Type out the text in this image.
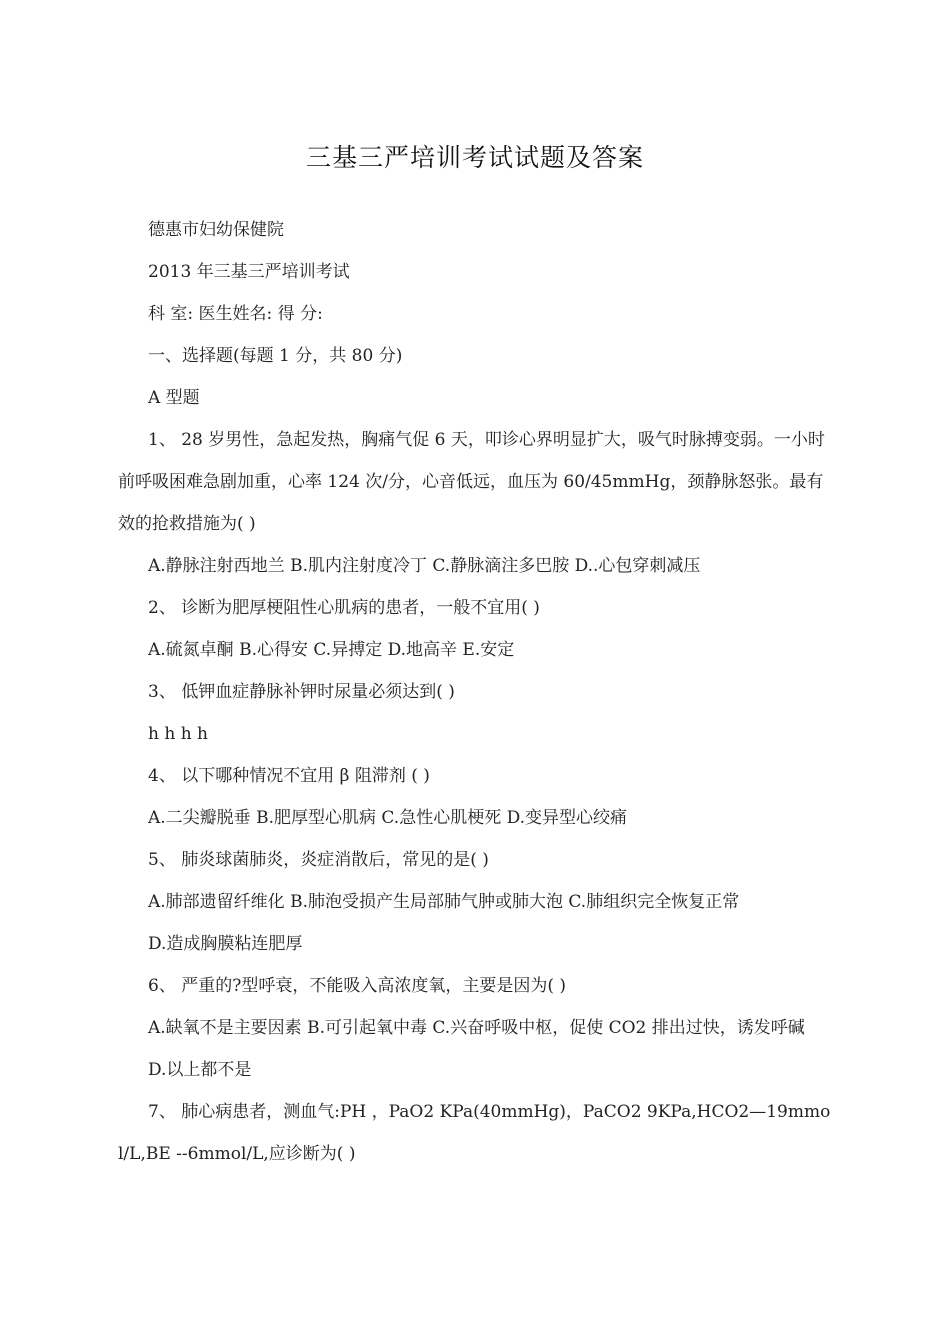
三基三严培训考试试题及答案

德惠市妇幼保健院

2013 年三基三严培训考试

科 室: 医生姓名: 得 分:

一、选择题(每题 1 分，共 80 分)

A 型题

1、 28 岁男性，急起发热，胸痛气促 6 天，叩诊心界明显扩大，吸气时脉搏变弱。一小时前呼吸困难急剧加重，心率 124 次/分，心音低远，血压为 60/45mmHg，颈静脉怒张。最有效的抢救措施为( )

A.静脉注射西地兰 B.肌内注射度冷丁 C.静脉滴注多巴胺 D..心包穿刺减压

2、 诊断为肥厚梗阻性心肌病的患者，一般不宜用( )

A.硫氮卓酮 B.心得安 C.异搏定 D.地高辛 E.安定

3、 低钾血症静脉补钾时尿量必须达到( )

h h h h

4、 以下哪种情况不宜用 β 阻滞剂 ( )

A.二尖瓣脱垂 B.肥厚型心肌病 C.急性心肌梗死 D.变异型心绞痛

5、 肺炎球菌肺炎，炎症消散后，常见的是( )

A.肺部遗留纤维化 B.肺泡受损产生局部肺气肿或肺大泡 C.肺组织完全恢复正常

D.造成胸膜粘连肥厚

6、 严重的?型呼衰，不能吸入高浓度氧，主要是因为( )

A.缺氧不是主要因素 B.可引起氧中毒 C.兴奋呼吸中枢，促使 CO2 排出过快，诱发呼碱

D.以上都不是

7、 肺心病患者，测血气:PH ，PaO2 KPa(40mmHg)，PaCO2 9KPa,HCO2—19mmol/L,BE --6mmol/L,应诊断为( )
